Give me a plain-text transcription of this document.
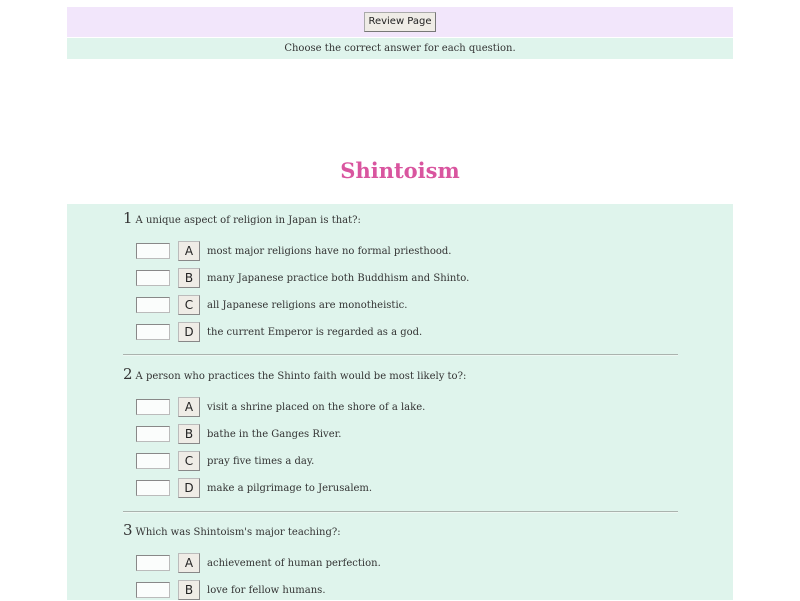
Review Page
Choose the correct answer for each question.
Shintoism
1 A unique aspect of religion in Japan is that?:
A	most major religions have no formal priesthood.
B	many Japanese practice both Buddhism and Shinto.
C	all Japanese religions are monotheistic.
D	the current Emperor is regarded as a god.
2 A person who practices the Shinto faith would be most likely to?:
A	visit a shrine placed on the shore of a lake.
B	bathe in the Ganges River.
C	pray five times a day.
D	make a pilgrimage to Jerusalem.
3 Which was Shintoism's major teaching?:
A	achievement of human perfection.
B	love for fellow humans.
